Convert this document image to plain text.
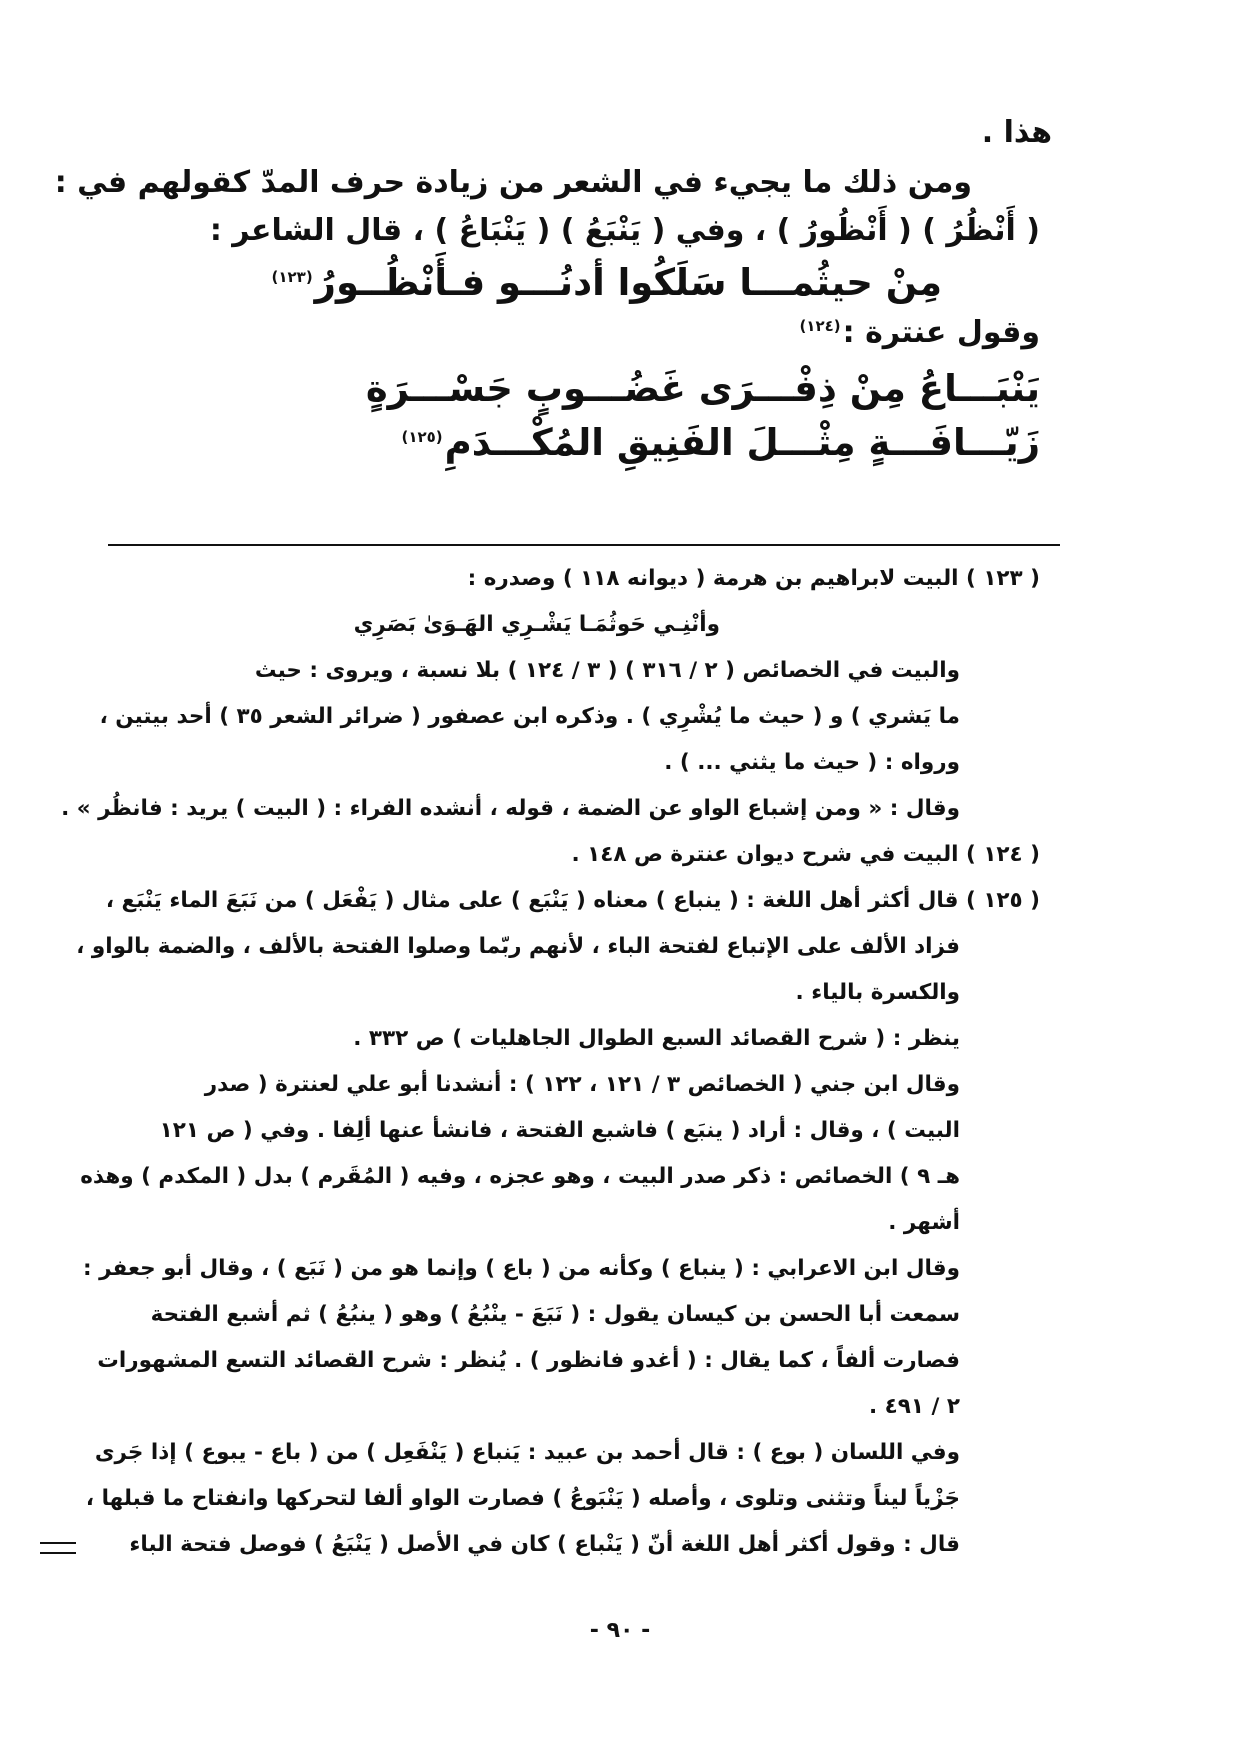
هذا .
ومن ذلك ما يجيء في الشعر من زيادة حرف المدّ كقولهم في :
( أَنْظُرُ ) ( أَنْظُورُ ) ، وفي ( يَنْبَعُ ) ( يَنْبَاعُ ) ، قال الشاعر :
مِنْ حيثُمـــا سَلَكُوا أدنُـــو فـأَنْظُــورُ$^{(١٢٣)}$
وقول عنترة :$^{(١٢٤)}$
يَنْبَـــاعُ مِنْ ذِفْـــرَى غَضُـــوبٍ جَسْـــرَةٍ
زَيّـــافَـــةٍ مِثْـــلَ الفَنِيقِ المُكْـــدَمِ$^{(١٢٥)}$
( ١٢٣ ) البيت لابراهيم بن هرمة ( ديوانه ١١٨ ) وصدره :
وأنْنِـي حَوثُمَـا يَشْـرِي الهَـوَىٰ بَصَرِي
والبيت في الخصائص ( ٢ / ٣١٦ ) ( ٣ / ١٢٤ ) بلا نسبة ، ويروى : حيث
ما يَشري ) و ( حيث ما يُشْرِي ) . وذكره ابن عصفور ( ضرائر الشعر ٣٥ ) أحد بيتين ،
ورواه : ( حيث ما يثني ... ) .
وقال : « ومن إشباع الواو عن الضمة ، قوله ، أنشده الفراء : ( البيت ) يريد : فانظُر » .
( ١٢٤ ) البيت في شرح ديوان عنترة ص ١٤٨ .
( ١٢٥ ) قال أكثر أهل اللغة : ( ينباع ) معناه ( يَنْبَع ) على مثال ( يَفْعَل ) من نَبَعَ الماء يَنْبَع ،
فزاد الألف على الإتباع لفتحة الباء ، لأنهم ربّما وصلوا الفتحة بالألف ، والضمة بالواو ،
والكسرة بالياء .
ينظر : ( شرح القصائد السبع الطوال الجاهليات ) ص ٣٣٢ .
وقال ابن جني ( الخصائص ٣ / ١٢١ ، ١٢٢ ) : أنشدنا أبو علي لعنترة ( صدر
البيت ) ، وقال : أراد ( ينبَع ) فاشبع الفتحة ، فانشأ عنها ألِفا . وفي ( ص ١٢١
هـ ٩ ) الخصائص : ذكر صدر البيت ، وهو عجزه ، وفيه ( المُقَرم ) بدل ( المكدم ) وهذه
أشهر .
وقال ابن الاعرابي : ( ينباع ) وكأنه من ( باع ) وإنما هو من ( نَبَع ) ، وقال أبو جعفر :
سمعت أبا الحسن بن كيسان يقول : ( نَبَعَ - ينْبُعُ ) وهو ( ينبُعُ ) ثم أشبع الفتحة
فصارت ألفاً ، كما يقال : ( أغدو فانظور ) . يُنظر : شرح القصائد التسع المشهورات
٢ / ٤٩١ .
وفي اللسان ( بوع ) : قال أحمد بن عبيد : يَنباع ( يَنْفَعِل ) من ( باع - يبوع ) إذا جَرى
جَزْياً ليناً وتثنى وتلوى ، وأصله ( يَنْبَوعُ ) فصارت الواو ألفا لتحركها وانفتاح ما قبلها ،
قال : وقول أكثر أهل اللغة أنّ ( يَنْباع ) كان في الأصل ( يَنْبَعُ ) فوصل فتحة الباء
- ٩٠ -
